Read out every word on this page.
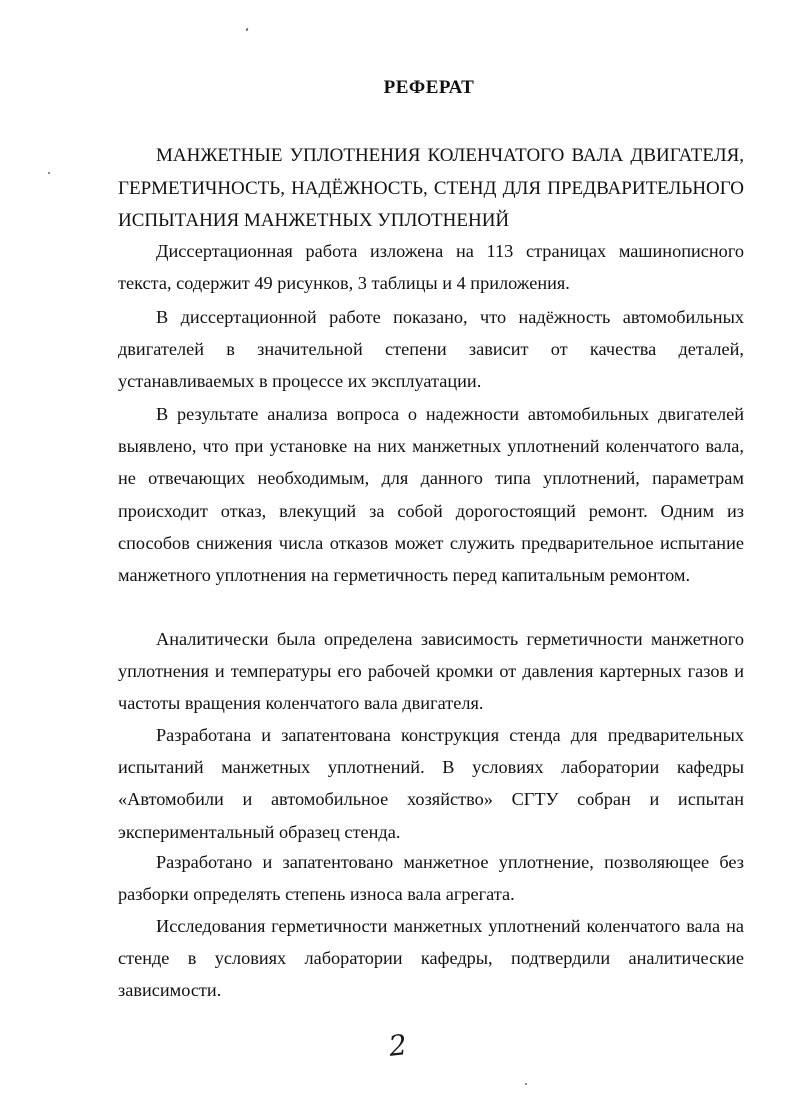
РЕФЕРАТ

МАНЖЕТНЫЕ УПЛОТНЕНИЯ КОЛЕНЧАТОГО ВАЛА ДВИГАТЕЛЯ, ГЕРМЕТИЧНОСТЬ, НАДЁЖНОСТЬ, СТЕНД ДЛЯ ПРЕДВАРИТЕЛЬНОГО ИСПЫТАНИЯ МАНЖЕТНЫХ УПЛОТНЕНИЙ

Диссертационная работа изложена на 113 страницах машинописного текста, содержит 49 рисунков, 3 таблицы и 4 приложения.

В диссертационной работе показано, что надёжность автомобильных двигателей в значительной степени зависит от качества деталей, устанавливаемых в процессе их эксплуатации.

В результате анализа вопроса о надежности автомобильных двигателей выявлено, что при установке на них манжетных уплотнений коленчатого вала, не отвечающих необходимым, для данного типа уплотнений, параметрам происходит отказ, влекущий за собой дорогостоящий ремонт. Одним из способов снижения числа отказов может служить предварительное испытание манжетного уплотнения на герметичность перед капитальным ремонтом.

Аналитически была определена зависимость герметичности манжетного уплотнения и температуры его рабочей кромки от давления картерных газов и частоты вращения коленчатого вала двигателя.

Разработана и запатентована конструкция стенда для предварительных испытаний манжетных уплотнений. В условиях лаборатории кафедры «Автомобили и автомобильное хозяйство» СГТУ собран и испытан экспериментальный образец стенда.

Разработано и запатентовано манжетное уплотнение, позволяющее без разборки определять степень износа вала агрегата.

Исследования герметичности манжетных уплотнений коленчатого вала на стенде в условиях лаборатории кафедры, подтвердили аналитические зависимости.

2
